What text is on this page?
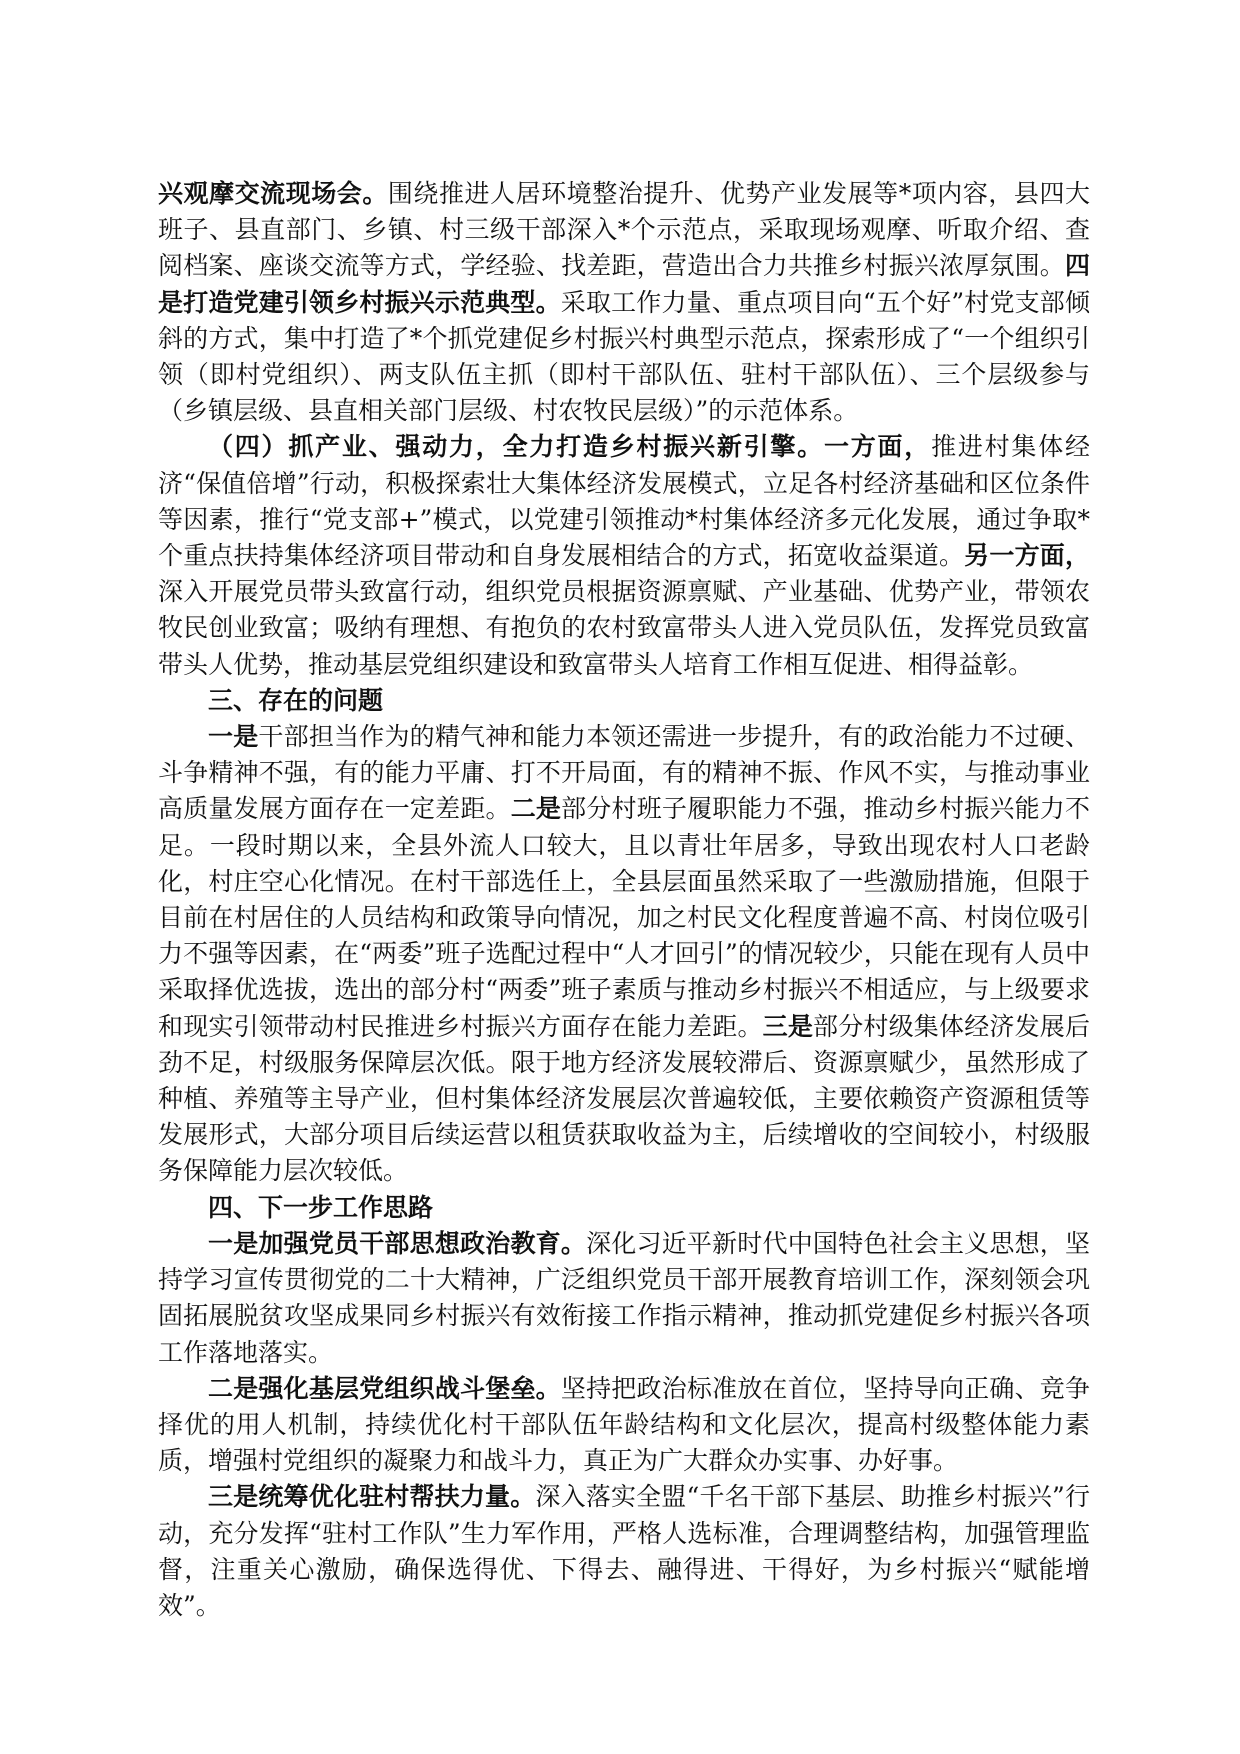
兴观摩交流现场会。围绕推进人居环境整治提升、优势产业发展等*项内容，县四大班子、县直部门、乡镇、村三级干部深入*个示范点，采取现场观摩、听取介绍、查阅档案、座谈交流等方式，学经验、找差距，营造出合力共推乡村振兴浓厚氛围。四是打造党建引领乡村振兴示范典型。采取工作力量、重点项目向“五个好”村党支部倾斜的方式，集中打造了*个抓党建促乡村振兴村典型示范点，探索形成了“一个组织引领（即村党组织）、两支队伍主抓（即村干部队伍、驻村干部队伍）、三个层级参与（乡镇层级、县直相关部门层级、村农牧民层级）”的示范体系。

（四）抓产业、强动力，全力打造乡村振兴新引擎。一方面，推进村集体经济“保值倍增”行动，积极探索壮大集体经济发展模式，立足各村经济基础和区位条件等因素，推行“党支部+”模式，以党建引领推动*村集体经济多元化发展，通过争取*个重点扶持集体经济项目带动和自身发展相结合的方式，拓宽收益渠道。另一方面，深入开展党员带头致富行动，组织党员根据资源禀赋、产业基础、优势产业，带领农牧民创业致富；吸纳有理想、有抱负的农村致富带头人进入党员队伍，发挥党员致富带头人优势，推动基层党组织建设和致富带头人培育工作相互促进、相得益彰。

三、存在的问题

一是干部担当作为的精气神和能力本领还需进一步提升，有的政治能力不过硬、斗争精神不强，有的能力平庸、打不开局面，有的精神不振、作风不实，与推动事业高质量发展方面存在一定差距。二是部分村班子履职能力不强，推动乡村振兴能力不足。一段时期以来，全县外流人口较大，且以青壮年居多，导致出现农村人口老龄化，村庄空心化情况。在村干部选任上，全县层面虽然采取了一些激励措施，但限于目前在村居住的人员结构和政策导向情况，加之村民文化程度普遍不高、村岗位吸引力不强等因素，在“两委”班子选配过程中“人才回引”的情况较少，只能在现有人员中采取择优选拔，选出的部分村“两委”班子素质与推动乡村振兴不相适应，与上级要求和现实引领带动村民推进乡村振兴方面存在能力差距。三是部分村级集体经济发展后劲不足，村级服务保障层次低。限于地方经济发展较滞后、资源禀赋少，虽然形成了种植、养殖等主导产业，但村集体经济发展层次普遍较低，主要依赖资产资源租赁等发展形式，大部分项目后续运营以租赁获取收益为主，后续增收的空间较小，村级服务保障能力层次较低。

四、下一步工作思路

一是加强党员干部思想政治教育。深化习近平新时代中国特色社会主义思想，坚持学习宣传贯彻党的二十大精神，广泛组织党员干部开展教育培训工作，深刻领会巩固拓展脱贫攻坚成果同乡村振兴有效衔接工作指示精神，推动抓党建促乡村振兴各项工作落地落实。

二是强化基层党组织战斗堡垒。坚持把政治标准放在首位，坚持导向正确、竞争择优的用人机制，持续优化村干部队伍年龄结构和文化层次，提高村级整体能力素质，增强村党组织的凝聚力和战斗力，真正为广大群众办实事、办好事。

三是统筹优化驻村帮扶力量。深入落实全盟“千名干部下基层、助推乡村振兴”行动，充分发挥“驻村工作队”生力军作用，严格人选标准，合理调整结构，加强管理监督，注重关心激励，确保选得优、下得去、融得进、干得好，为乡村振兴“赋能增效”。
